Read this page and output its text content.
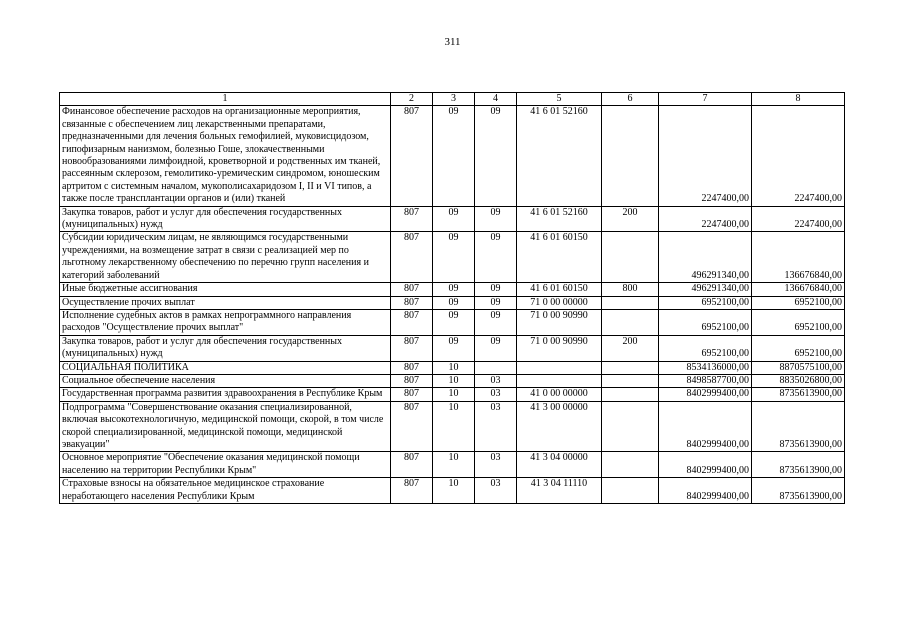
311
1	2	3	4	5	6	7	8
Финансовое обеспечение расходов на организационные мероприятия, связанные с обеспечением лиц лекарственными препаратами, предназначенными для лечения больных гемофилией, муковисцидозом, гипофизарным нанизмом, болезнью Гоше, злокачественными новообразованиями лимфоидной, кроветворной и родственных им тканей, рассеянным склерозом, гемолитико-уремическим синдромом, юношеским артритом с системным началом, мукополисахаридозом I, II и VI типов, а также после трансплантации органов и (или) тканей	807	09	09	41 6 01 52160		2247400,00	2247400,00
Закупка товаров, работ и услуг для обеспечения государственных (муниципальных) нужд	807	09	09	41 6 01 52160	200	2247400,00	2247400,00
Субсидии юридическим лицам, не являющимся государственными учреждениями, на возмещение затрат в связи с реализацией мер по льготному лекарственному обеспечению по перечню групп населения и категорий заболеваний	807	09	09	41 6 01 60150		496291340,00	136676840,00
Иные бюджетные ассигнования	807	09	09	41 6 01 60150	800	496291340,00	136676840,00
Осуществление прочих выплат	807	09	09	71 0 00 00000		6952100,00	6952100,00
Исполнение судебных актов в рамках непрограммного направления расходов "Осуществление прочих выплат"	807	09	09	71 0 00 90990		6952100,00	6952100,00
Закупка товаров, работ и услуг для обеспечения государственных (муниципальных) нужд	807	09	09	71 0 00 90990	200	6952100,00	6952100,00
СОЦИАЛЬНАЯ ПОЛИТИКА	807	10				8534136000,00	8870575100,00
Социальное обеспечение населения	807	10	03			8498587700,00	8835026800,00
Государственная программа развития здравоохранения в Республике Крым	807	10	03	41 0 00 00000		8402999400,00	8735613900,00
Подпрограмма "Совершенствование оказания специализированной, включая высокотехнологичную, медицинской помощи, скорой, в том числе скорой специализированной, медицинской помощи, медицинской эвакуации"	807	10	03	41 3 00 00000		8402999400,00	8735613900,00
Основное мероприятие "Обеспечение оказания медицинской помощи населению на территории Республики Крым"	807	10	03	41 3 04 00000		8402999400,00	8735613900,00
Страховые взносы на обязательное медицинское страхование неработающего населения Республики Крым	807	10	03	41 3 04 11110		8402999400,00	8735613900,00
